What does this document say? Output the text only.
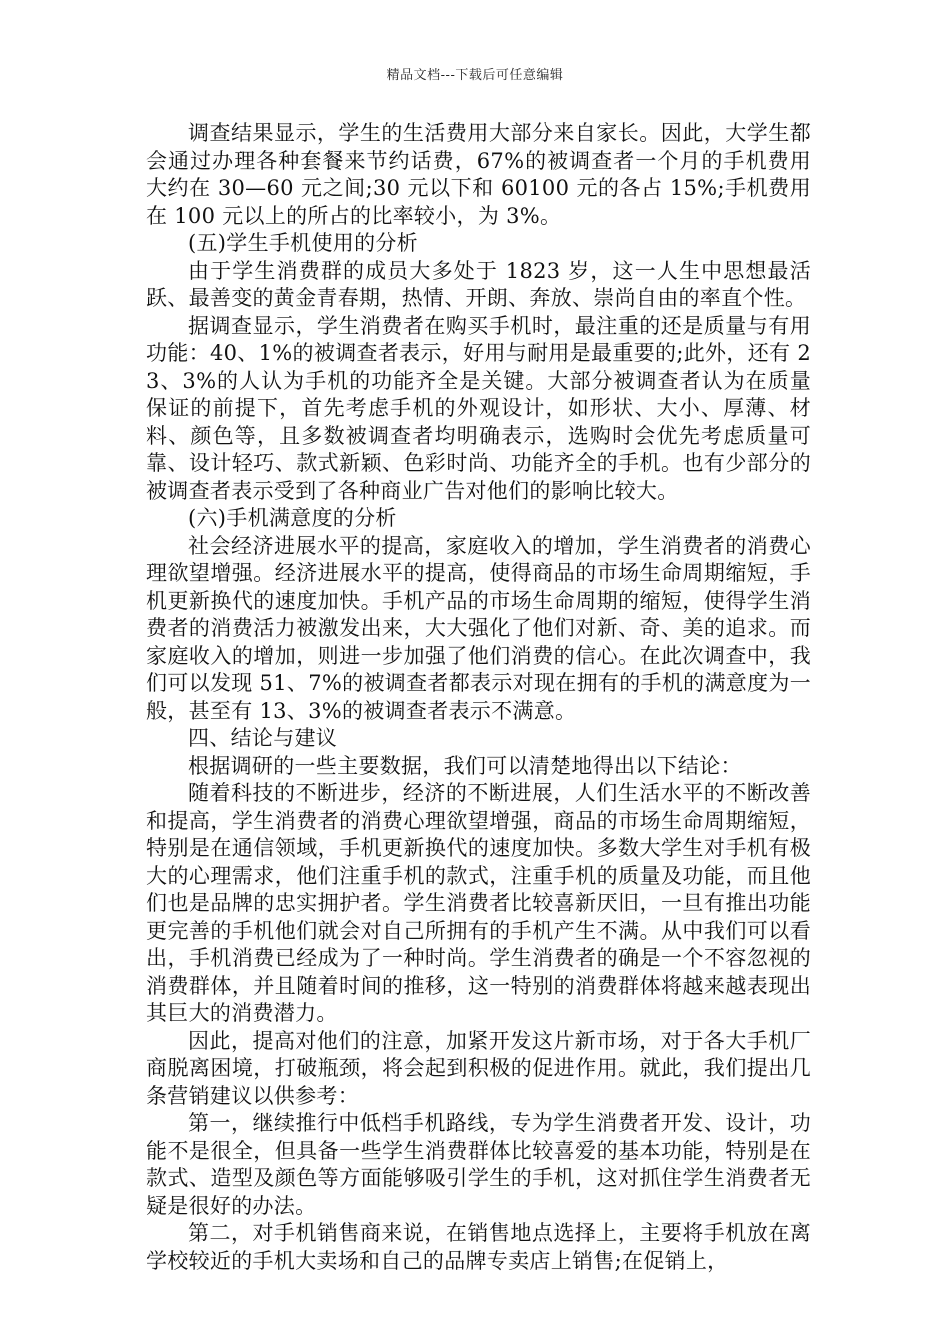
精品文档---下载后可任意编辑

调查结果显示，学生的生活费用大部分来自家长。因此，大学生都会通过办理各种套餐来节约话费，67%的被调查者一个月的手机费用大约在 30—60 元之间;30 元以下和 60100 元的各占 15%;手机费用在 100 元以上的所占的比率较小，为 3%。

(五)学生手机使用的分析

由于学生消费群的成员大多处于 1823 岁，这一人生中思想最活跃、最善变的黄金青春期，热情、开朗、奔放、崇尚自由的率直个性。

据调查显示，学生消费者在购买手机时，最注重的还是质量与有用功能：40、1%的被调查者表示，好用与耐用是最重要的;此外，还有 23、3%的人认为手机的功能齐全是关键。大部分被调查者认为在质量保证的前提下，首先考虑手机的外观设计，如形状、大小、厚薄、材料、颜色等，且多数被调查者均明确表示，选购时会优先考虑质量可靠、设计轻巧、款式新颖、色彩时尚、功能齐全的手机。也有少部分的被调查者表示受到了各种商业广告对他们的影响比较大。

(六)手机满意度的分析

社会经济进展水平的提高，家庭收入的增加，学生消费者的消费心理欲望增强。经济进展水平的提高，使得商品的市场生命周期缩短，手机更新换代的速度加快。手机产品的市场生命周期的缩短，使得学生消费者的消费活力被激发出来，大大强化了他们对新、奇、美的追求。而家庭收入的增加，则进一步加强了他们消费的信心。在此次调查中，我们可以发现 51、7%的被调查者都表示对现在拥有的手机的满意度为一般，甚至有 13、3%的被调查者表示不满意。

四、结论与建议

根据调研的一些主要数据，我们可以清楚地得出以下结论：

随着科技的不断进步，经济的不断进展，人们生活水平的不断改善和提高，学生消费者的消费心理欲望增强，商品的市场生命周期缩短，特别是在通信领域，手机更新换代的速度加快。多数大学生对手机有极大的心理需求，他们注重手机的款式，注重手机的质量及功能，而且他们也是品牌的忠实拥护者。学生消费者比较喜新厌旧，一旦有推出功能更完善的手机他们就会对自己所拥有的手机产生不满。从中我们可以看出，手机消费已经成为了一种时尚。学生消费者的确是一个不容忽视的消费群体，并且随着时间的推移，这一特别的消费群体将越来越表现出其巨大的消费潜力。

因此，提高对他们的注意，加紧开发这片新市场，对于各大手机厂商脱离困境，打破瓶颈，将会起到积极的促进作用。就此，我们提出几条营销建议以供参考：

第一，继续推行中低档手机路线，专为学生消费者开发、设计，功能不是很全，但具备一些学生消费群体比较喜爱的基本功能，特别是在款式、造型及颜色等方面能够吸引学生的手机，这对抓住学生消费者无疑是很好的办法。

第二，对手机销售商来说，在销售地点选择上，主要将手机放在离学校较近的手机大卖场和自己的品牌专卖店上销售;在促销上，
